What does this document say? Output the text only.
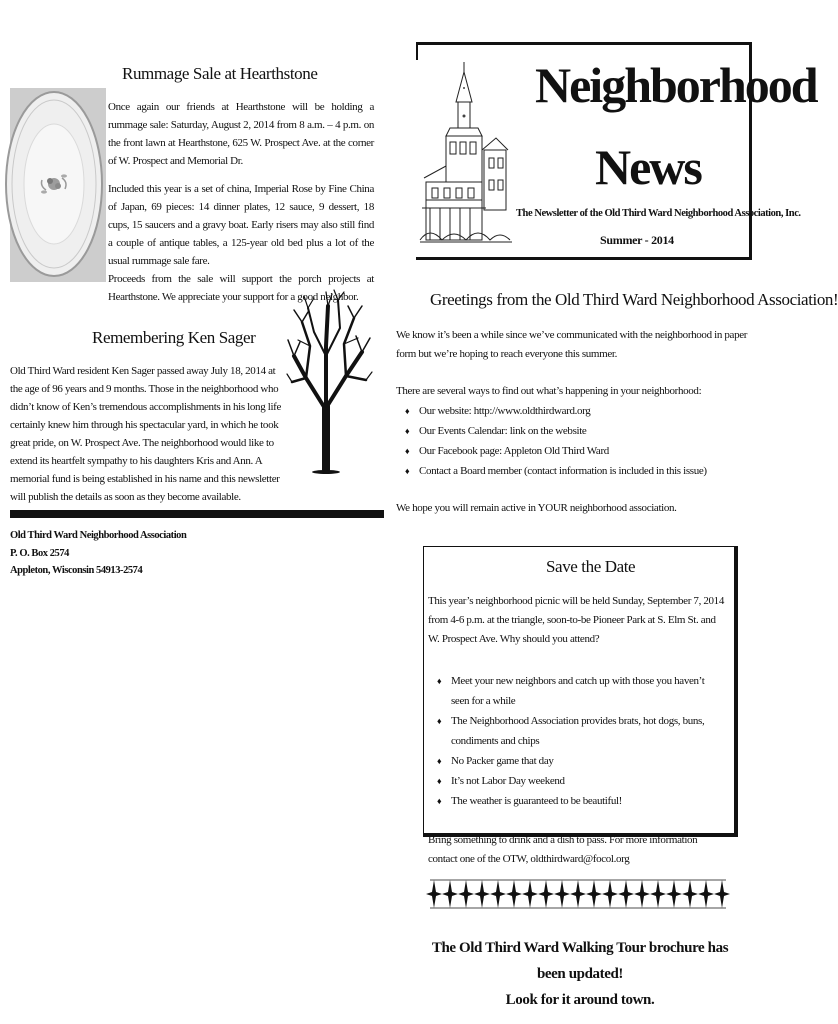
Rummage Sale at Hearthstone

Once again our friends at Hearthstone will be holding a rummage sale: Saturday, August 2, 2014 from 8 a.m. – 4 p.m. on the front lawn at Hearthstone, 625 W. Prospect Ave. at the corner of W. Prospect and Memorial Dr.

Included this year is a set of china, Imperial Rose by Fine China of Japan, 69 pieces: 14 dinner plates, 12 sauce, 9 dessert, 18 cups, 15 saucers and a gravy boat. Early risers may also still find a couple of antique tables, a 125-year old bed plus a lot of the usual rummage sale fare.

Proceeds from the sale will support the porch projects at Hearthstone. We appreciate your support for a good neighbor.

Neighborhood
News
The Newsletter of the Old Third Ward Neighborhood Association, Inc.
Summer - 2014
Remembering Ken Sager
Old Third Ward resident Ken Sager passed away July 18, 2014 at the age of 96 years and 9 months. Those in the neighborhood who didn’t know of Ken’s tremendous accomplishments in his long life certainly knew him through his spectacular yard, in which he took great pride, on W. Prospect Ave. The neighborhood would like to extend its heartfelt sympathy to his daughters Kris and Ann. A memorial fund is being established in his name and this newsletter will publish the details as soon as they become available.
Greetings from the Old Third Ward Neighborhood Association!

We know it’s been a while since we’ve communicated with the neighborhood in paper form but we’re hoping to reach everyone this summer.

There are several ways to find out what’s happening in your neighborhood:

♦ Our website: http://www.oldthirdward.org
♦ Our Events Calendar: link on the website
♦ Our Facebook page: Appleton Old Third Ward
♦ Contact a Board member (contact information is included in this issue)

We hope you will remain active in YOUR neighborhood association.

Old Third Ward Neighborhood Association
P. O. Box 2574
Appleton, Wisconsin 54913-2574	Save the Date

This year’s neighborhood picnic will be held Sunday, September 7, 2014 from 4-6 p.m. at the triangle, soon-to-be Pioneer Park at S. Elm St. and W. Prospect Ave. Why should you attend?

♦ Meet your new neighbors and catch up with those you haven’t seen for a while
♦ The Neighborhood Association provides brats, hot dogs, buns, condiments and chips
♦ No Packer game that day
♦ It’s not Labor Day weekend
♦ The weather is guaranteed to be beautiful!

Bring something to drink and a dish to pass. For more information contact one of the OTW, oldthirdward@focol.org

The Old Third Ward Walking Tour brochure has been updated!
Look for it around town.
